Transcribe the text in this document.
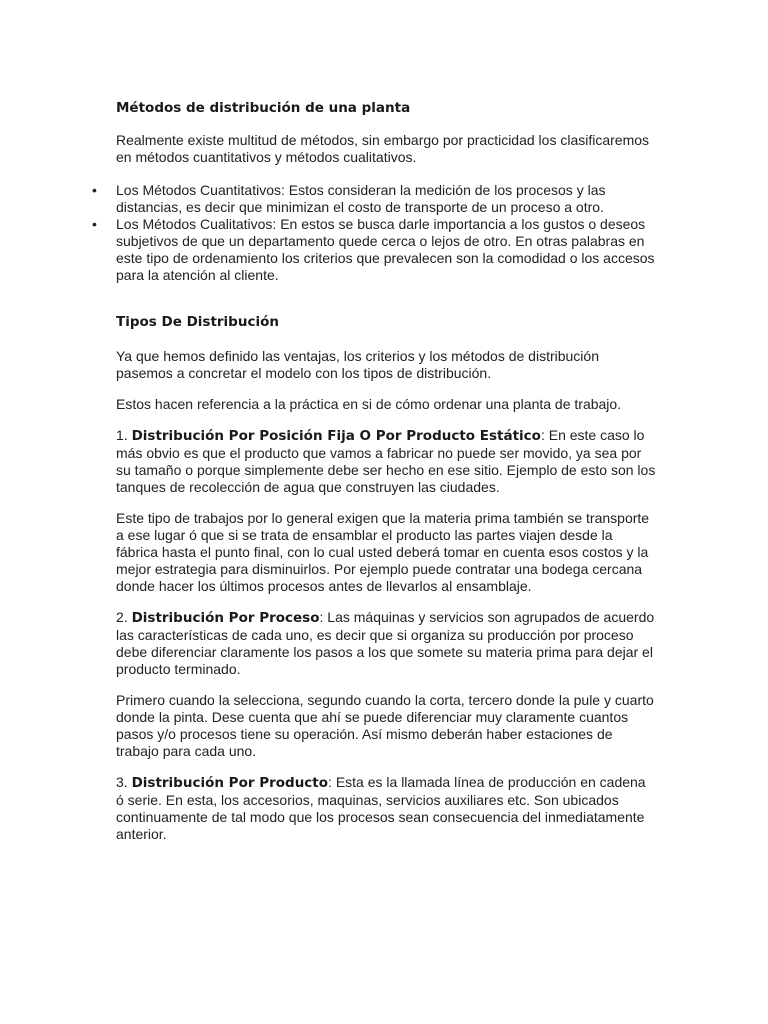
Métodos de distribución de una planta

Realmente existe multitud de métodos, sin embargo por practicidad los clasificaremos en métodos cuantitativos y métodos cualitativos.

• Los Métodos Cuantitativos: Estos consideran la medición de los procesos y las distancias, es decir que minimizan el costo de transporte de un proceso a otro.
• Los Métodos Cualitativos: En estos se busca darle importancia a los gustos o deseos subjetivos de que un departamento quede cerca o lejos de otro. En otras palabras en este tipo de ordenamiento los criterios que prevalecen son la comodidad o los accesos para la atención al cliente.
Tipos De Distribución

Ya que hemos definido las ventajas, los criterios y los métodos de distribución pasemos a concretar el modelo con los tipos de distribución.

Estos hacen referencia a la práctica en si de cómo ordenar una planta de trabajo.

1. Distribución Por Posición Fija O Por Producto Estático: En este caso lo más obvio es que el producto que vamos a fabricar no puede ser movido, ya sea por su tamaño o porque simplemente debe ser hecho en ese sitio. Ejemplo de esto son los tanques de recolección de agua que construyen las ciudades.

Este tipo de trabajos por lo general exigen que la materia prima también se transporte a ese lugar ó que si se trata de ensamblar el producto las partes viajen desde la fábrica hasta el punto final, con lo cual usted deberá tomar en cuenta esos costos y la mejor estrategia para disminuirlos. Por ejemplo puede contratar una bodega cercana donde hacer los últimos procesos antes de llevarlos al ensamblaje.

2. Distribución Por Proceso: Las máquinas y servicios son agrupados de acuerdo las características de cada uno, es decir que si organiza su producción por proceso debe diferenciar claramente los pasos a los que somete su materia prima para dejar el producto terminado.

Primero cuando la selecciona, segundo cuando la corta, tercero donde la pule y cuarto donde la pinta. Dese cuenta que ahí se puede diferenciar muy claramente cuantos pasos y/o procesos tiene su operación. Así mismo deberán haber estaciones de trabajo para cada uno.

3. Distribución Por Producto: Esta es la llamada línea de producción en cadena ó serie. En esta, los accesorios, maquinas, servicios auxiliares etc. Son ubicados continuamente de tal modo que los procesos sean consecuencia del inmediatamente anterior.
